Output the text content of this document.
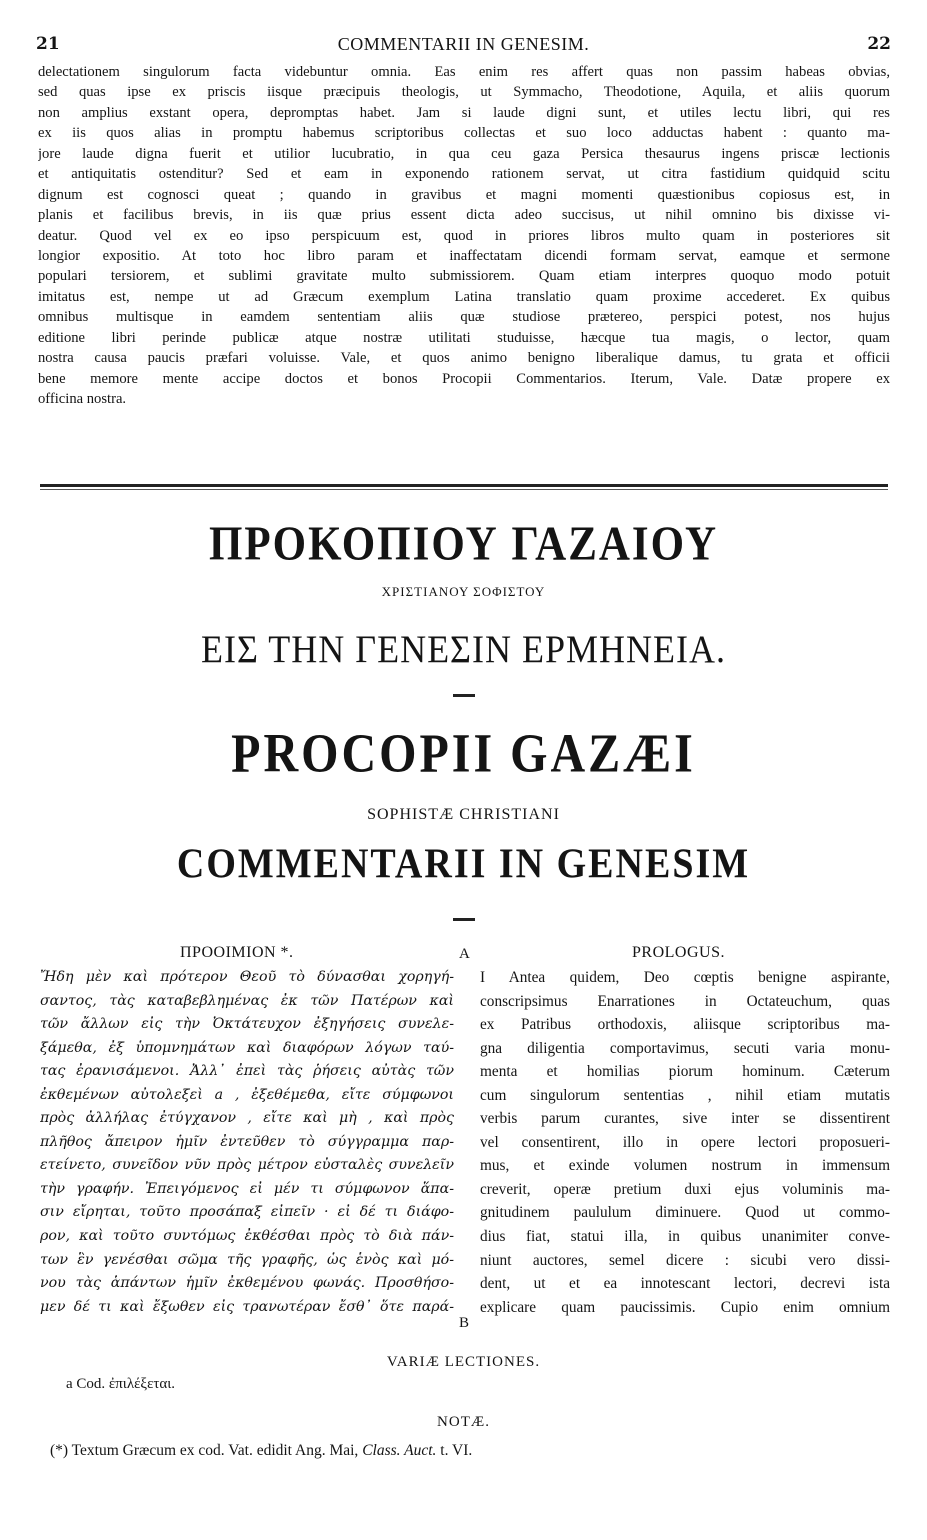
21	COMMENTARII IN GENESIM.	22
delectationem singulorum facta videbuntur omnia. Eas enim res affert quas non passim habeas obvias,
sed quas ipse ex priscis iisque præcipuis theologis, ut Symmacho, Theodotione, Aquila, et aliis quorum
non amplius exstant opera, depromptas habet. Jam si laude digni sunt, et utiles lectu libri, qui res
ex iis quos alias in promptu habemus scriptoribus collectas et suo loco adductas habent : quanto ma-
jore laude digna fuerit et utilior lucubratio, in qua ceu gaza Persica thesaurus ingens priscæ lectionis
et antiquitatis ostenditur? Sed et eam in exponendo rationem servat, ut citra fastidium quidquid scitu
dignum est cognosci queat ; quando in gravibus et magni momenti quæstionibus copiosus est, in
planis et facilibus brevis, in iis quæ prius essent dicta adeo succisus, ut nihil omnino bis dixisse vi-
deatur. Quod vel ex eo ipso perspicuum est, quod in priores libros multo quam in posteriores sit
longior expositio. At toto hoc libro param et inaffectatam dicendi formam servat, eamque et sermone
populari tersiorem, et sublimi gravitate multo submissiorem. Quam etiam interpres quoquo modo potuit
imitatus est, nempe ut ad Græcum exemplum Latina translatio quam proxime accederet. Ex quibus
omnibus multisque in eamdem sententiam aliis quæ studiose prætereo, perspici potest, nos hujus
editione libri perinde publicæ atque nostræ utilitati studuisse, hæcque tua magis, o lector, quam
nostra causa paucis præfari voluisse. Vale, et quos animo benigno liberalique damus, tu grata et officii
bene memore mente accipe doctos et bonos Procopii Commentarios. Iterum, Vale. Datæ propere ex
officina nostra.
ΠΡΟΚΟΠΙΟΥ ΓΑΖΑΙΟΥ
ΧΡΙΣΤΙΑΝΟΥ ΣΟΦΙΣΤΟΥ
ΕΙΣ ΤΗΝ ΓΕΝΕΣΙΝ ΕΡΜΗΝΕΙΑ.
PROCOPII GAZÆI
SOPHISTÆ CHRISTIANI
COMMENTARII IN GENESIM
ΠΡΟΟΙΜΙΟΝ *.	PROLOGUS.
A
B
Ἤδη μὲν καὶ πρότερον Θεοῦ τὸ δύνασθαι χορηγή-
σαντος, τὰς καταβεβλημένας ἐκ τῶν Πατέρων καὶ
τῶν ἄλλων εἰς τὴν Ὀκτάτευχον ἐξηγήσεις συνελε-
ξάμεθα, ἐξ ὑπομνημάτων καὶ διαφόρων λόγων ταύ-
τας ἐρανισάμενοι. Ἀλλ᾽ ἐπεὶ τὰς ῥήσεις αὐτὰς τῶν
ἐκθεμένων αὐτολεξεὶ a , ἐξεθέμεθα, εἴτε σύμφωνοι
πρὸς ἀλλήλας ἐτύγχανον , εἴτε καὶ μὴ , καὶ πρὸς
πλῆθος ἄπειρον ἡμῖν ἐντεῦθεν τὸ σύγγραμμα παρ-
ετείνετο, συνεῖδον νῦν πρὸς μέτρον εὐσταλὲς συνελεῖν
τὴν γραφήν. Ἐπειγόμενος εἰ μέν τι σύμφωνον ἅπα-
σιν εἴρηται, τοῦτο προσάπαξ εἰπεῖν · εἰ δέ τι διάφο-
ρον, καὶ τοῦτο συντόμως ἐκθέσθαι πρὸς τὸ διὰ πάν-
των ἓν γενέσθαι σῶμα τῆς γραφῆς, ὡς ἑνὸς καὶ μό-
νου τὰς ἁπάντων ἡμῖν ἐκθεμένου φωνάς. Προσθήσο-
μεν δέ τι καὶ ἔξωθεν εἰς τρανωτέραν ἔσθ᾽ ὅτε παρά-
I Antea quidem, Deo cœptis benigne aspirante,
conscripsimus Enarrationes in Octateuchum, quas
ex Patribus orthodoxis, aliisque scriptoribus ma-
gna diligentia comportavimus, secuti varia monu-
menta et homilias piorum hominum. Cæterum
cum singulorum sententias , nihil etiam mutatis
verbis parum curantes, sive inter se dissentirent
vel consentirent, illo in opere lectori proposueri-
mus, et exinde volumen nostrum in immensum
creverit, operæ pretium duxi ejus voluminis ma-
gnitudinem paululum diminuere. Quod ut commo-
dius fiat, statui illa, in quibus unanimiter conve-
niunt auctores, semel dicere : sicubi vero dissi-
dent, ut et ea innotescant lectori, decrevi ista
explicare quam paucissimis. Cupio enim omnium
VARIÆ LECTIONES.
a Cod. ἐπιλέξεται.
NOTÆ.
(*) Textum Græcum ex cod. Vat. edidit Ang. Mai, Class. Auct. t. VI.
